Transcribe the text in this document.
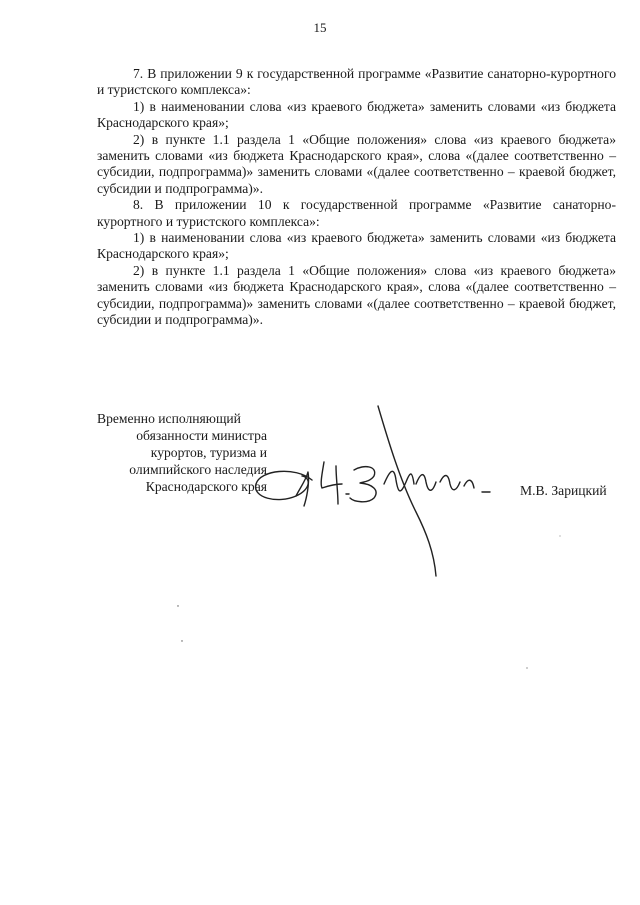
15

7. В приложении 9 к государственной программе «Развитие санаторно-курортного и туристского комплекса»:

1) в наименовании слова «из краевого бюджета» заменить словами «из бюджета Краснодарского края»;

2) в пункте 1.1 раздела 1 «Общие положения» слова «из краевого бюджета» заменить словами «из бюджета Краснодарского края», слова «(далее соответственно – субсидии, подпрограмма)» заменить словами «(далее соответственно – краевой бюджет, субсидии и подпрограмма)».

8. В приложении 10 к государственной программе «Развитие санаторно-курортного и туристского комплекса»:

1) в наименовании слова «из краевого бюджета» заменить словами «из бюджета Краснодарского края»;

2) в пункте 1.1 раздела 1 «Общие положения» слова «из краевого бюджета» заменить словами «из бюджета Краснодарского края», слова «(далее соответственно – субсидии, подпрограмма)» заменить словами «(далее соответственно – краевой бюджет, субсидии и подпрограмма)».

Временно исполняющий
обязанности министра
курортов, туризма и
олимпийского наследия
Краснодарского края	М.В. Зарицкий
